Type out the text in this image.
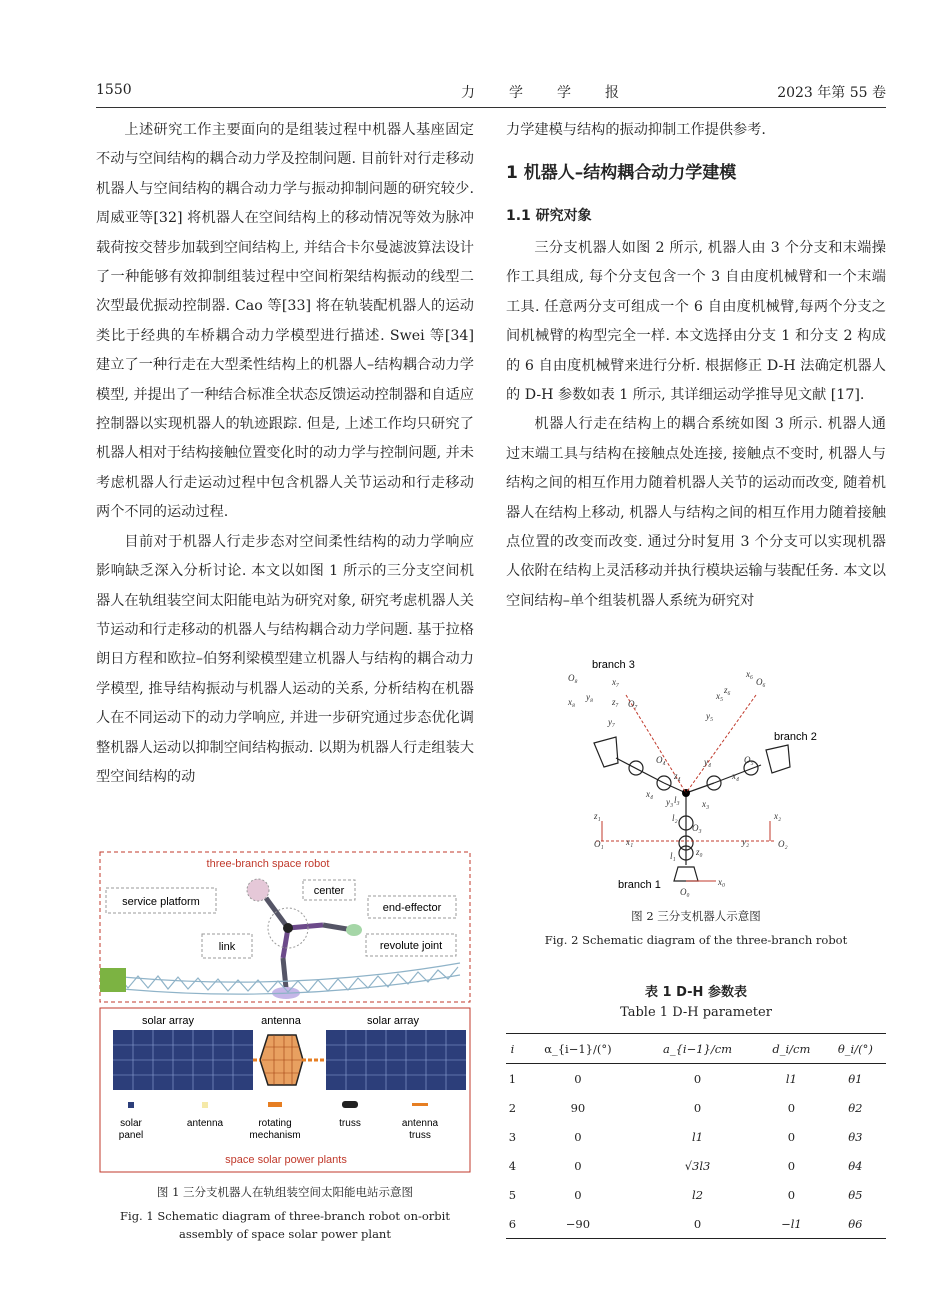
1550	力学学报	2023 年第 55 卷

上述研究工作主要面向的是组装过程中机器人基座固定不动与空间结构的耦合动力学及控制问题. 目前针对行走移动机器人与空间结构的耦合动力学与振动抑制问题的研究较少. 周威亚等[32] 将机器人在空间结构上的移动情况等效为脉冲载荷按交替步加载到空间结构上, 并结合卡尔曼滤波算法设计了一种能够有效抑制组装过程中空间桁架结构振动的线型二次型最优振动控制器. Cao 等[33] 将在轨装配机器人的运动类比于经典的车桥耦合动力学模型进行描述. Swei 等[34] 建立了一种行走在大型柔性结构上的机器人–结构耦合动力学模型, 并提出了一种结合标准全状态反馈运动控制器和自适应控制器以实现机器人的轨迹跟踪. 但是, 上述工作均只研究了机器人相对于结构接触位置变化时的动力学与控制问题, 并未考虑机器人行走运动过程中包含机器人关节运动和行走移动两个不同的运动过程.

目前对于机器人行走步态对空间柔性结构的动力学响应影响缺乏深入分析讨论. 本文以如图 1 所示的三分支空间机器人在轨组装空间太阳能电站为研究对象, 研究考虑机器人关节运动和行走移动的机器人与结构耦合动力学问题. 基于拉格朗日方程和欧拉–伯努利梁模型建立机器人与结构的耦合动力学模型, 推导结构振动与机器人运动的关系, 分析结构在机器人在不同运动下的动力学响应, 并进一步研究通过步态优化调整机器人运动以抑制空间结构振动. 以期为机器人行走组装大型空间结构的动

力学建模与结构的振动抑制工作提供参考.
1 机器人–结构耦合动力学建模
1.1 研究对象

三分支机器人如图 2 所示, 机器人由 3 个分支和末端操作工具组成, 每个分支包含一个 3 自由度机械臂和一个末端工具. 任意两分支可组成一个 6 自由度机械臂,每两个分支之间机械臂的构型完全一样. 本文选择由分支 1 和分支 2 构成的 6 自由度机械臂来进行分析. 根据修正 D-H 法确定机器人的 D-H 参数如表 1 所示, 其详细运动学推导见文献 [17].

机器人行走在结构上的耦合系统如图 3 所示. 机器人通过末端工具与结构在接触点处连接, 接触点不变时, 机器人与结构之间的相互作用力随着机器人关节的运动而改变, 随着机器人在结构上移动, 机器人与结构之间的相互作用力随着接触点位置的改变而改变. 通过分时复用 3 个分支可以实现机器人依附在结构上灵活移动并执行模块运输与装配任务. 本文以空间结构–单个组装机器人系统为研究对

three-branch space robot
service platform
center
end-effector
link	revolute joint
solar array	antenna	solar array
solar panel
antenna	rotating mechanism
truss	antenna truss
space solar power plants
图 1 三分支机器人在轨组装空间太阳能电站示意图
Fig. 1 Schematic diagram of three-branch robot on-orbit assembly of space solar power plant
branch 3
branch 2
branch 1
O₈
x₈ y₈
x₇
z₇ O₇
y₇
O₄
z₄
x₄
y₄
x₄
O₅
x₆
z₆
O₆
x₅
y₅
y₃	x₃
O₃
l₃
l₂
l₁ z₀
O₀
x₀
O₁ x₁
z₁	x₂
y₂	O₂
图 2 三分支机器人示意图
Fig. 2 Schematic diagram of the three-branch robot
表 1 D-H 参数表
Table 1 D-H parameter
i	α_{i−1}/(°)	a_{i−1}/cm	d_i/cm	θ_i/(°)
1	0	0	l1	θ1
2	90	0	0	θ2
3	0	l1	0	θ3
4	0	√3l3	0	θ4
5	0	l2	0	θ5
6	−90	0	−l1	θ6
